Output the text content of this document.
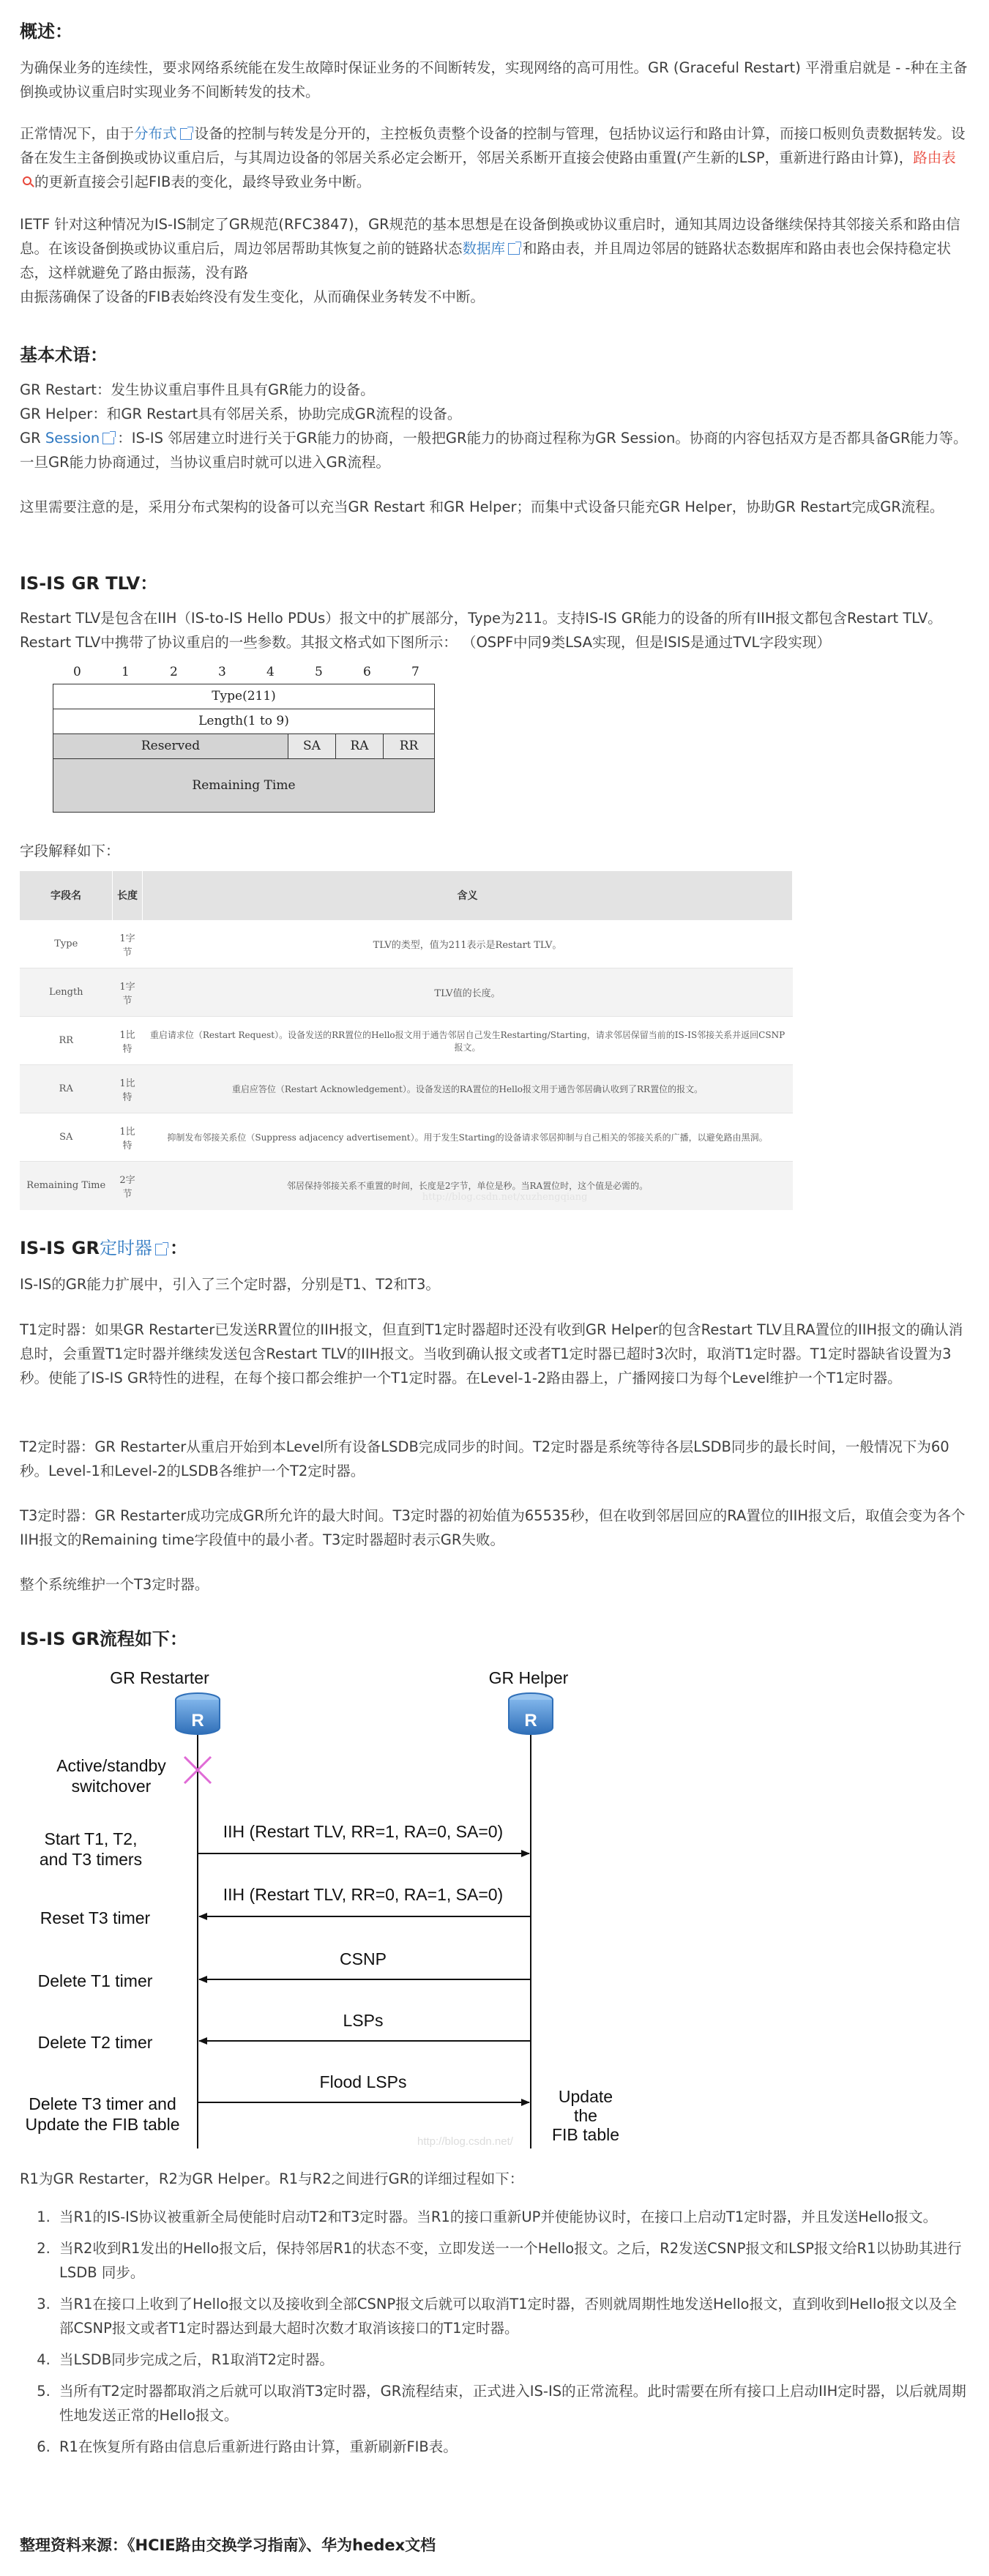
概述：
为确保业务的连续性，要求网络系统能在发生故障时保证业务的不间断转发，实现网络的高可用性。GR (Graceful Restart) 平滑重启就是 - -种在主备倒换或协议重启时实现业务不间断转发的技术。
正常情况下，由于分布式 设备的控制与转发是分开的，主控板负责整个设备的控制与管理，包括协议运行和路由计算，而接口板则负责数据转发。设备在发生主备倒换或协议重启后，与其周边设备的邻居关系必定会断开，邻居关系断开直接会使路由重置(产生新的LSP，重新进行路由计算)，路由表的更新直接会引起FIB表的变化，最终导致业务中断。
IETF 针对这种情况为IS-IS制定了GR规范(RFC3847)，GR规范的基本思想是在设备倒换或协议重启时，通知其周边设备继续保持其邻接关系和路由信息。在该设备倒换或协议重启后，周边邻居帮助其恢复之前的链路状态数据库 和路由表，并且周边邻居的链路状态数据库和路由表也会保持稳定状态，这样就避免了路由振荡，没有路
由振荡确保了设备的FIB表始终没有发生变化，从而确保业务转发不中断。
基本术语：
GR Restart：发生协议重启事件且具有GR能力的设备。
GR Helper：和GR Restart具有邻居关系，协助完成GR流程的设备。
GR Session ：IS-IS 邻居建立时进行关于GR能力的协商，一般把GR能力的协商过程称为GR Session。协商的内容包括双方是否都具备GR能力等。一旦GR能力协商通过，当协议重启时就可以进入GR流程。
这里需要注意的是，采用分布式架构的设备可以充当GR Restart 和GR Helper；而集中式设备只能充GR Helper，协助GR Restart完成GR流程。
IS-IS GR TLV：
Restart TLV是包含在IIH（IS-to-IS Hello PDUs）报文中的扩展部分，Type为211。支持IS-IS GR能力的设备的所有IIH报文都包含Restart TLV。Restart TLV中携带了协议重启的一些参数。其报文格式如下图所示： （OSPF中同9类LSA实现，但是ISIS是通过TVL字段实现）
0	1	2	3	4	5	6	7
Type(211)
Length(1 to 9)
Reserved	SA	RA	RR
Remaining Time
字段解释如下：
字段名	长度	含义
Type	1字节	TLV的类型，值为211表示是Restart TLV。
Length	1字节	TLV值的长度。
RR	1比特	重启请求位（Restart Request）。设备发送的RR置位的Hello报文用于通告邻居自己发生Restarting/Starting，请求邻居保留当前的IS-IS邻接关系并返回CSNP报文。
RA	1比特	重启应答位（Restart Acknowledgement）。设备发送的RA置位的Hello报文用于通告邻居确认收到了RR置位的报文。
SA	1比特	抑制发布邻接关系位（Suppress adjacency advertisement）。用于发生Starting的设备请求邻居抑制与自己相关的邻接关系的广播，以避免路由黑洞。
Remaining Time	2字节	邻居保持邻接关系不重置的时间，长度是2字节，单位是秒。当RA置位时，这个值是必需的。
http://blog.csdn.net/xuzhengqiang
IS-IS GR定时器 ：
IS-IS的GR能力扩展中，引入了三个定时器，分别是T1、T2和T3。
T1定时器：如果GR Restarter已发送RR置位的IIH报文，但直到T1定时器超时还没有收到GR Helper的包含Restart TLV且RA置位的IIH报文的确认消息时，会重置T1定时器并继续发送包含Restart TLV的IIH报文。当收到确认报文或者T1定时器已超时3次时，取消T1定时器。T1定时器缺省设置为3秒。使能了IS-IS GR特性的进程，在每个接口都会维护一个T1定时器。在Level-1-2路由器上，广播网接口为每个Level维护一个T1定时器。
T2定时器：GR Restarter从重启开始到本Level所有设备LSDB完成同步的时间。T2定时器是系统等待各层LSDB同步的最长时间，一般情况下为60秒。Level-1和Level-2的LSDB各维护一个T2定时器。
T3定时器：GR Restarter成功完成GR所允许的最大时间。T3定时器的初始值为65535秒，但在收到邻居回应的RA置位的IIH报文后，取值会变为各个IIH报文的Remaining time字段值中的最小者。T3定时器超时表示GR失败。
整个系统维护一个T3定时器。
IS-IS GR流程如下：
GR Restarter	GR Helper
R	R
Active/standby
switchover
Start T1, T2,
and T3 timers
Reset T3 timer
Delete T1 timer
Delete T2 timer
Delete T3 timer and
Update the FIB table
Update
the
FIB table
IIH (Restart TLV, RR=1, RA=0, SA=0)
IIH (Restart TLV, RR=0, RA=1, SA=0)
CSNP
LSPs
Flood LSPs
http://blog.csdn.net/
R1为GR Restarter，R2为GR Helper。R1与R2之间进行GR的详细过程如下：
1. 当R1的IS-IS协议被重新全局使能时启动T2和T3定时器。当R1的接口重新UP并使能协议时，在接口上启动T1定时器，并且发送Hello报文。
2. 当R2收到R1发出的Hello报文后，保持邻居R1的状态不变，立即发送一一个Hello报文。之后，R2发送CSNP报文和LSP报文给R1以协助其进行LSDB 同步。
3. 当R1在接口上收到了Hello报文以及接收到全部CSNP报文后就可以取消T1定时器，否则就周期性地发送Hello报文，直到收到Hello报文以及全部CSNP报文或者T1定时器达到最大超时次数才取消该接口的T1定时器。
4. 当LSDB同步完成之后，R1取消T2定时器。
5. 当所有T2定时器都取消之后就可以取消T3定时器，GR流程结束，正式进入IS-IS的正常流程。此时需要在所有接口上启动IIH定时器，以后就周期性地发送正常的Hello报文。
6. R1在恢复所有路由信息后重新进行路由计算，重新刷新FIB表。
整理资料来源：《HCIE路由交换学习指南》、华为hedex文档
